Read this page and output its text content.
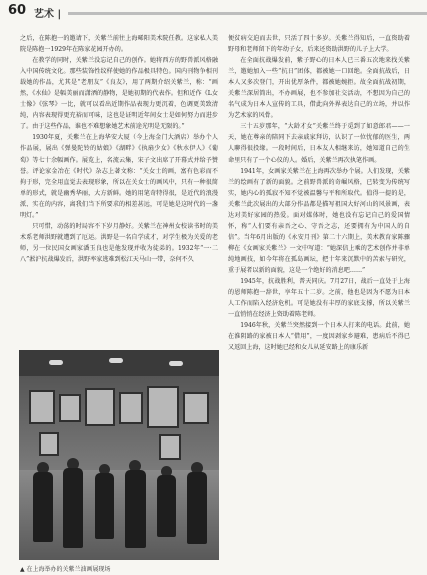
60 艺术 |

之后，在陈抱一的邀请下，关紫兰前往上海晞阳美术院任教。这家私人美院是陈抱一1929年在陈家花园开办的。

在教学的同时，关紫兰没忘记自己的创作。她将西方的野兽派风格融入中国传统文化。那些装饰性纹样使她的作品极具特色。国内刊物争相刊载她的作品，尤其是“老朋友”《良友》，用了两期介绍关紫兰，称：“画然，《水仙》是幅美丽而潇洒的静物，是她初期的代表作。但和近作《L女士像》《弦琴》一比，就可以看出近期作品表现力更沉着，色调更美致清纯，内容表现得更充裕而可味，这也是证明近年间女士是如何努力而进步了。由于这些作品，谁也不难想象她艺术前途光明是无限的。”

1930年夏，关紫兰在上海华安大厦（今上海金门大酒店）举办个人作品展，展出《弹曼陀铃的姑娘》《湖畔》《执扇少女》《秋水伊人》《葡萄》等七十余幅画作。展览上，名流云集，宋子文出席了开幕式并给予赞誉。评论家金冶在《时代》杂志上著文称：“关女士的画，富有色彩而不拘于形，完全用直觉去表现形象，所以在关女士的画风中，只有一种很简单的形式，就是幽秀华丽，大方新鲜。她的用笔奇特得很，是近代的浪漫派、实在的内容，离我们当下所要求的相差甚远，可是她是这时代的一盏明灯。”

只可惜，动荡的时局容不下岁月静好。关紫兰在神州女校读书时的美术系老师洪野就遭到了厄运。洪野是一名自学成才，对学生极为关爱的老师，另一位民国女画家潘玉良也是他发现并收为徒弟的。1932年“一·二八”淞沪抗战爆发后，洪野率家逃难到松江天马山一带，奈何不久

便贫病交迫而去世，只活了四十多岁。关紫兰得知后，一直资助着野母和老师留下的年幼子女，后来还资助洪野的儿子上大学。

在全面抗战爆发前，紫子野心的日本人已三番五次地来找关紫兰，邀她加入一些“抗日”团体，都被她一口回绝。全面抗战后，日本人又多次登门，开出优厚条件，都被她婉拒。故全面抗战初期，关紫兰深居简出，不办画展，也不参加社交活动，不想因为自己的名气成为日本人宣传的工具，借此向外界表达自己的立场，并以作为艺术家的风骨。

三十五岁那年，“大龄才女”关紫兰终于觅到了如意郎君——一天，她在尊亲的陪同下去亲戚家拜访，认识了一位忧郁的医生，两人聊得很投缘。一段时间后，日本友人相继来访，她知道自己的生命里只有了一个心仪的人。婚后，关紫兰再次执笔作画。

1941年，女画家关紫兰在上海再次举办个展。人们发现，关紫兰的绘画有了新的面貌。之前野兽派的奇崛风格，已转变为传统写实，她内心的孤寂不知不觉被温馨与平和所取代。值得一提的是，关紫兰此次展出的大部分作品都是描写祖国大好河山的风景画，表达对美好家园的热爱。面对媒体时，她也没有忘记自己的爱国情怀，称“人们要有亲吾之心、守吾之志，还要拥有为中国人的自信”。当年6月出版的《永安月刊》第二十六期上，美术教育家陈骤柳在《女画家关紫兰》一文中写道：“她深信上乘的艺术创作并非单纯地画技，如今年将在孤岛画坛，把十年来沉默中的苦索与研究，重于展者以新的面貌，这是一个绝好的消息吧……”

1945年，抗战胜利，普天同庆。7月27日，战后一直处于上海的恩师陈抱一辞世，享年五十二岁。之前，他也是因为不愿为日本人工作而陷入经济危机。可是她没有丰厚的家底支撑，所以关紫兰一直悄悄在经济上资助着陈老师。

1946年秋，关紫兰突然接到一个日本人打来的电话。此前，她在淮阴路的家被日本人“借用”，一度因剥家乡避难，患病后不得已又返回上海，这时她已经和女儿从延安路上的康乐新

▲ 在上海举办的关紫兰油画展现场
